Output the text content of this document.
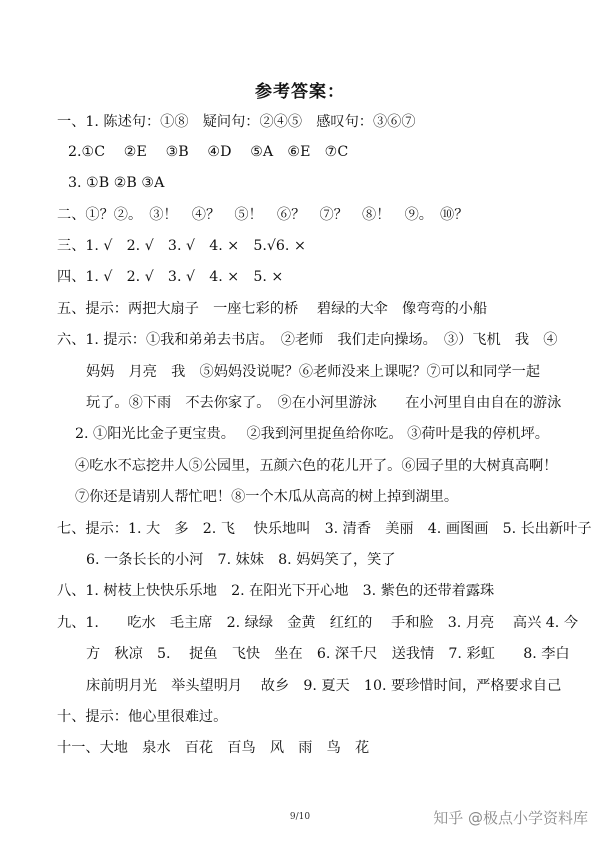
参考答案：
一、1. 陈述句：①⑧　疑问句：②④⑤　感叹句：③⑥⑦
2.①C　 ②E　 ③B　 ④D　 ⑤A　⑥E　⑦C
3. ①B ②B ③A
二、①？②。　③！　④？　⑤！　⑥？　⑦？　⑧！　⑨。　⑩？
三、1. √　2. √　3. √　4. ×　5.√6. ×
四、1. √　2. √　3. √　4. ×　5. ×
五、提示：两把大扇子　一座七彩的桥　 碧绿的大伞　像弯弯的小船
六、1. 提示：①我和弟弟去书店。　②老师　我们走向操场。　③）飞机　我　④
妈妈　月亮　我　⑤妈妈没说呢？⑥老师没来上课呢？⑦可以和同学一起
玩了。⑧下雨　不去你家了。　⑨在小河里游泳　　在小河里自由自在的游泳
2. ①阳光比金子更宝贵。　 ②我到河里捉鱼给你吃。 ③荷叶是我的停机坪。
④吃水不忘挖井人⑤公园里，五颜六色的花儿开了。⑥园子里的大树真高啊！
⑦你还是请别人帮忙吧！⑧一个木瓜从高高的树上掉到湖里。
七、提示：1. 大　多　2. 飞　 快乐地叫　3. 清香　美丽　4. 画图画　5. 长出新叶子
6. 一条长长的小河　7. 妹妹　8. 妈妈笑了，笑了
八、1. 树枝上快快乐乐地　2. 在阳光下开心地　3. 紫色的还带着露珠
九、1.　　吃水　毛主席　2. 绿绿　金黄　红红的　 手和脸　3. 月亮　 高兴 4. 今
方　秋凉　5.　 捉鱼　飞快　坐在　6. 深千尺　送我情　7. 彩虹　　8. 李白
床前明月光　举头望明月　 故乡　9. 夏天　10. 要珍惜时间，严格要求自己
十、提示：他心里很难过。
十一、大地　泉水　百花　百鸟　风　雨　鸟　花
9/10	知乎 @极点小学资料库
